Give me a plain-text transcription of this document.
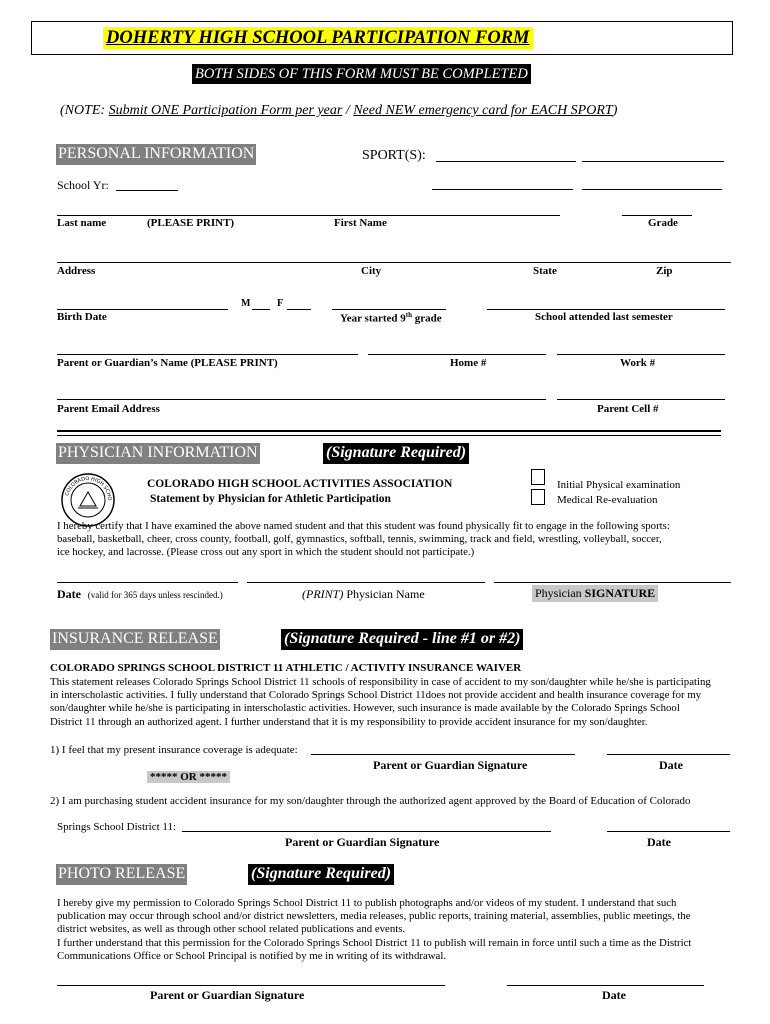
DOHERTY HIGH SCHOOL PARTICIPATION FORM
BOTH SIDES OF THIS FORM MUST BE COMPLETED
(NOTE: Submit ONE Participation Form per year / Need NEW emergency card for EACH SPORT)
PERSONAL INFORMATION	SPORT(S):
School Yr:
Last name	(PLEASE PRINT)	First Name	Grade
Address	City	State	Zip
M	F
Birth Date	Year started 9th grade	School attended last semester
Parent or Guardian’s Name (PLEASE PRINT)	Home #	Work #
Parent Email Address	Parent Cell #
PHYSICIAN INFORMATION	(Signature Required)
COLORADO HIGH SCHO
COLORADO HIGH SCHOOL ACTIVITIES ASSOCIATION
Statement by Physician for Athletic Participation
Initial Physical examination
Medical Re-evaluation
I hereby certify that I have examined the above named student and that this student was found physically fit to engage in the following sports:
baseball, basketball, cheer, cross county, football, golf, gymnastics, softball, tennis, swimming, track and field, wrestling, volleyball, soccer,
ice hockey, and lacrosse. (Please cross out any sport in which the student should not participate.)
Date (valid for 365 days unless rescinded.)	(PRINT) Physician Name	Physician SIGNATURE
INSURANCE RELEASE	(Signature Required - line #1 or #2)
COLORADO SPRINGS SCHOOL DISTRICT 11 ATHLETIC / ACTIVITY INSURANCE WAIVER
This statement releases Colorado Springs School District 11 schools of responsibility in case of accident to my son/daughter while he/she is participating
in interscholastic activities. I fully understand that Colorado Springs School District 11does not provide accident and health insurance coverage for my
son/daughter while he/she is participating in interscholastic activities. However, such insurance is made available by the Colorado Springs School
District 11 through an authorized agent. I further understand that it is my responsibility to provide accident insurance for my son/daughter.
1) I feel that my present insurance coverage is adequate:
Parent or Guardian Signature	Date
***** OR *****
2) I am purchasing student accident insurance for my son/daughter through the authorized agent approved by the Board of Education of Colorado
Springs School District 11:
Parent or Guardian Signature	Date
PHOTO RELEASE	(Signature Required)
I hereby give my permission to Colorado Springs School District 11 to publish photographs and/or videos of my student. I understand that such
publication may occur through school and/or district newsletters, media releases, public reports, training material, assemblies, public meetings, the
district websites, as well as through other school related publications and events.
I further understand that this permission for the Colorado Springs School District 11 to publish will remain in force until such a time as the District
Communications Office or School Principal is notified by me in writing of its withdrawal.
Parent or Guardian Signature	Date
